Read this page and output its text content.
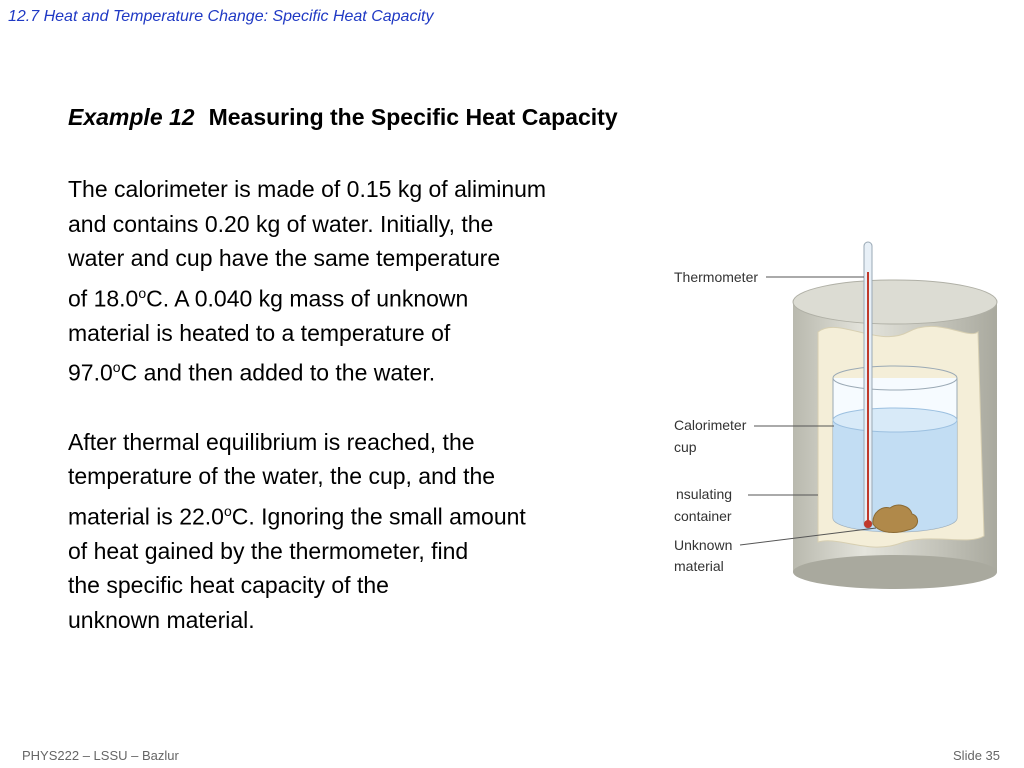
12.7 Heat and Temperature Change: Specific Heat Capacity
Example 12 Measuring the Specific Heat Capacity
The calorimeter is made of 0.15 kg of aliminum
and contains 0.20 kg of water. Initially, the
water and cup have the same temperature
of 18.0$^o$C. A 0.040 kg mass of unknown
material is heated to a temperature of
97.0$^o$C and then added to the water.
After thermal equilibrium is reached, the
temperature of the water, the cup, and the
material is 22.0$^o$C. Ignoring the small amount
of heat gained by the thermometer, find
the specific heat capacity of the
unknown material.
Thermometer
Calorimeter
cup
nsulating
container
Unknown
material
PHYS222 – LSSU – Bazlur	Slide 35
